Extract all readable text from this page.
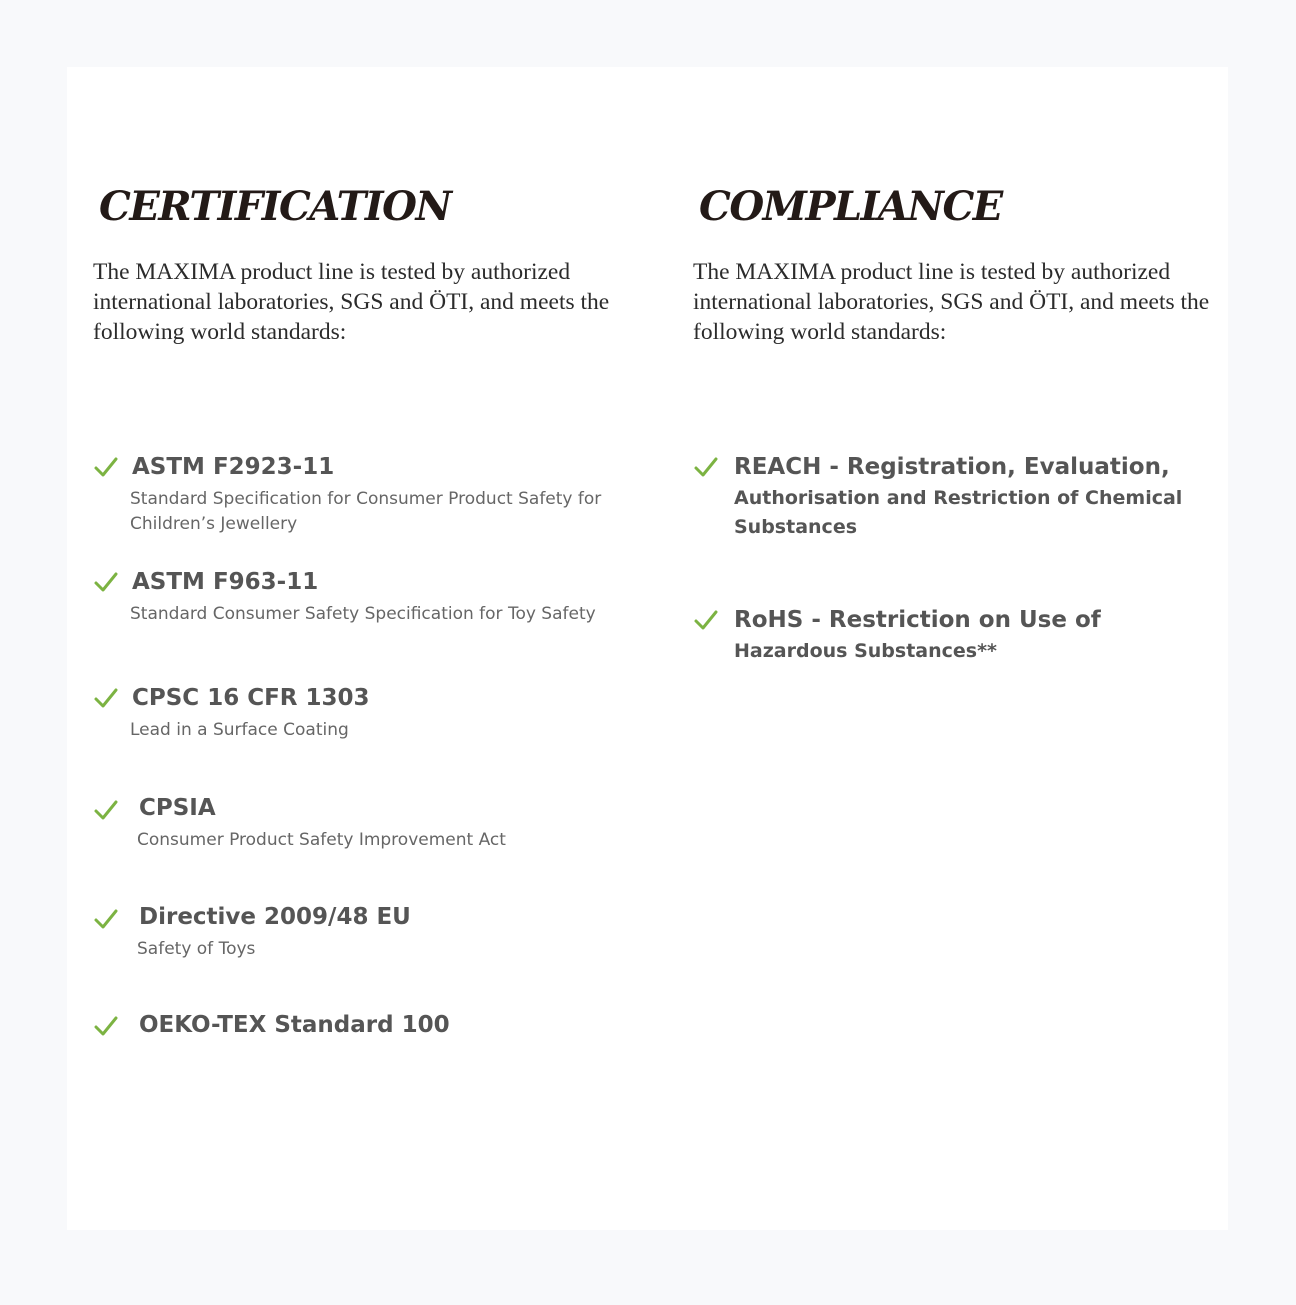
CERTIFICATION

The MAXIMA product line is tested by authorized international laboratories, SGS and ÖTI, and meets the following world standards:

ASTM F2923-11
Standard Specification for Consumer Product Safety for Children’s Jewellery
ASTM F963-11
Standard Consumer Safety Specification for Toy Safety
CPSC 16 CFR 1303
Lead in a Surface Coating
CPSIA
Consumer Product Safety Improvement Act
Directive 2009/48 EU
Safety of Toys
OEKO-TEX Standard 100
COMPLIANCE

The MAXIMA product line is tested by authorized international laboratories, SGS and ÖTI, and meets the following world standards:

REACH - Registration, Evaluation,
Authorisation and Restriction of Chemical Substances
RoHS - Restriction on Use of
Hazardous Substances**
